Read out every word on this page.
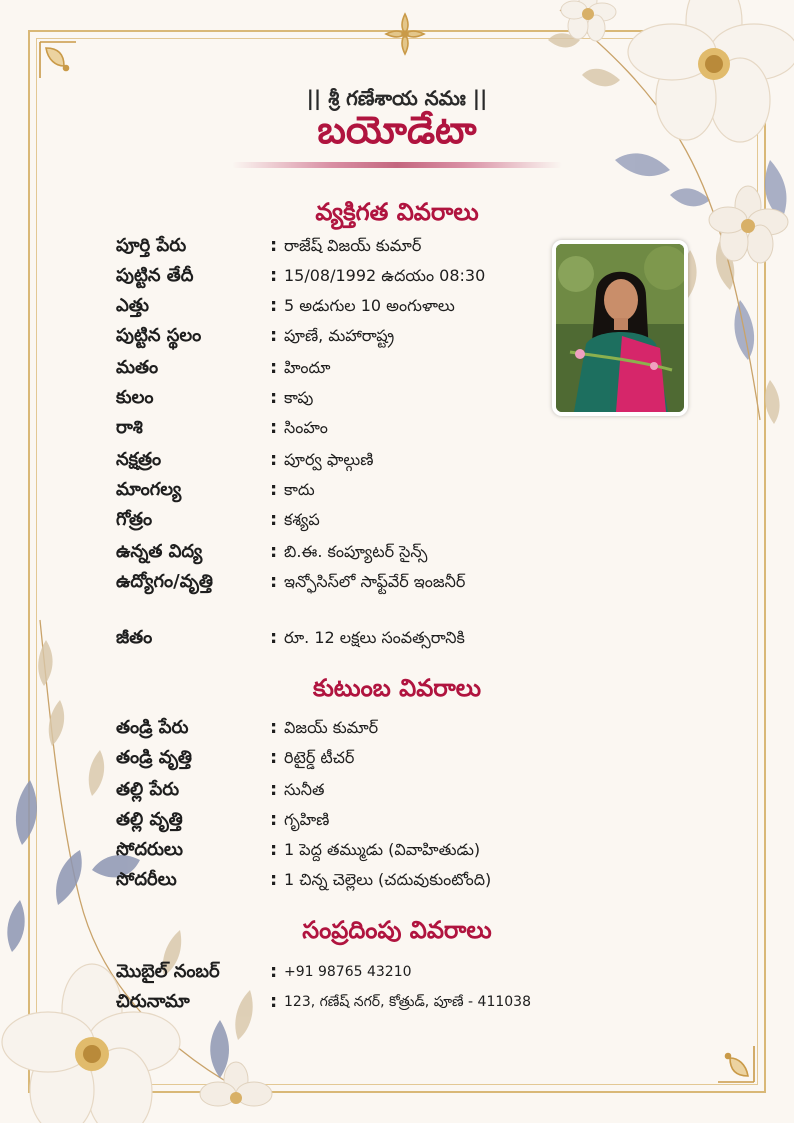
|| శ్రీ గణేశాయ నమః ||
బయోడేటా
వ్యక్తిగత వివరాలు
పూర్తి పేరు	: రాజేష్ విజయ్ కుమార్
పుట్టిన తేదీ	: 15/08/1992 ఉదయం 08:30
ఎత్తు	: 5 అడుగుల 10 అంగుళాలు
పుట్టిన స్థలం	: పూణే, మహారాష్ట్ర
మతం	: హిందూ
కులం	: కాపు
రాశి	: సింహం
నక్షత్రం	: పూర్వ ఫాల్గుణి
మాంగల్య	: కాదు
గోత్రం	: కశ్యప
ఉన్నత విద్య	: బి.ఈ. కంప్యూటర్ సైన్స్
ఉద్యోగం/వృత్తి	: ఇన్ఫోసిస్‌లో సాఫ్ట్‌వేర్ ఇంజనీర్
జీతం	: రూ. 12 లక్షలు సంవత్సరానికి
కుటుంబ వివరాలు
తండ్రి పేరు	: విజయ్ కుమార్
తండ్రి వృత్తి	: రిటైర్డ్ టీచర్
తల్లి పేరు	: సునీత
తల్లి వృత్తి	: గృహిణి
సోదరులు	: 1 పెద్ద తమ్ముడు (వివాహితుడు)
సోదరీలు	: 1 చిన్న చెల్లెలు (చదువుకుంటోంది)
సంప్రదింపు వివరాలు
మొబైల్ నంబర్	: +91 98765 43210
చిరునామా	: 123, గణేష్ నగర్, కోత్రుడ్, పూణే - 411038
